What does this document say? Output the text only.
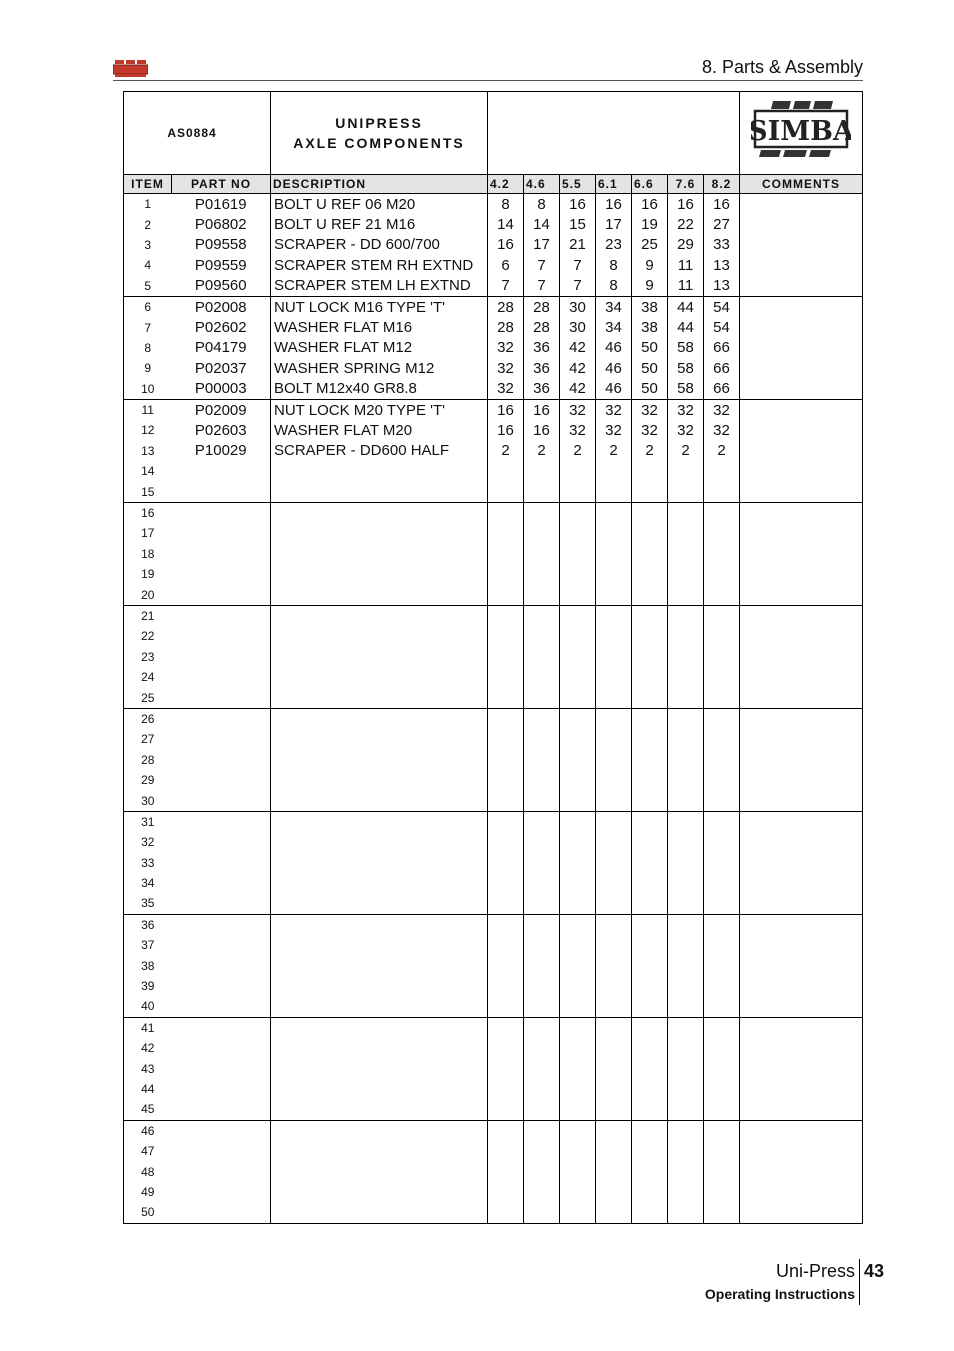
8. Parts & Assembly
AS0884		UNIPRESS
AXLE COMPONENTS								SIMBA

ITEM	PART NO	DESCRIPTION	4.2	4.6	5.5	6.1	6.6	7.6	8.2	COMMENTS
1	P01619	BOLT U REF 06 M20	8	8	16	16	16	16	16	
2	P06802	BOLT U REF 21 M16	14	14	15	17	19	22	27	
3	P09558	SCRAPER - DD 600/700	16	17	21	23	25	29	33	
4	P09559	SCRAPER STEM RH EXTND	6	7	7	8	9	11	13	
5	P09560	SCRAPER STEM LH EXTND	7	7	7	8	9	11	13	
6	P02008	NUT LOCK M16 TYPE 'T'	28	28	30	34	38	44	54	
7	P02602	WASHER FLAT M16	28	28	30	34	38	44	54	
8	P04179	WASHER FLAT M12	32	36	42	46	50	58	66	
9	P02037	WASHER SPRING M12	32	36	42	46	50	58	66	
10	P00003	BOLT M12x40 GR8.8	32	36	42	46	50	58	66	
11	P02009	NUT LOCK M20 TYPE 'T'	16	16	32	32	32	32	32	
12	P02603	WASHER FLAT M20	16	16	32	32	32	32	32	
13	P10029	SCRAPER - DD600 HALF	2	2	2	2	2	2	2	
14										
15										
16										
17										
18										
19										
20										
21										
22										
23										
24										
25										
26										
27										
28										
29										
30										
31										
32										
33										
34										
35										
36										
37										
38										
39										
40										
41										
42										
43										
44										
45										
46										
47										
48										
49										
50										
Uni-Press 43
Operating Instructions
